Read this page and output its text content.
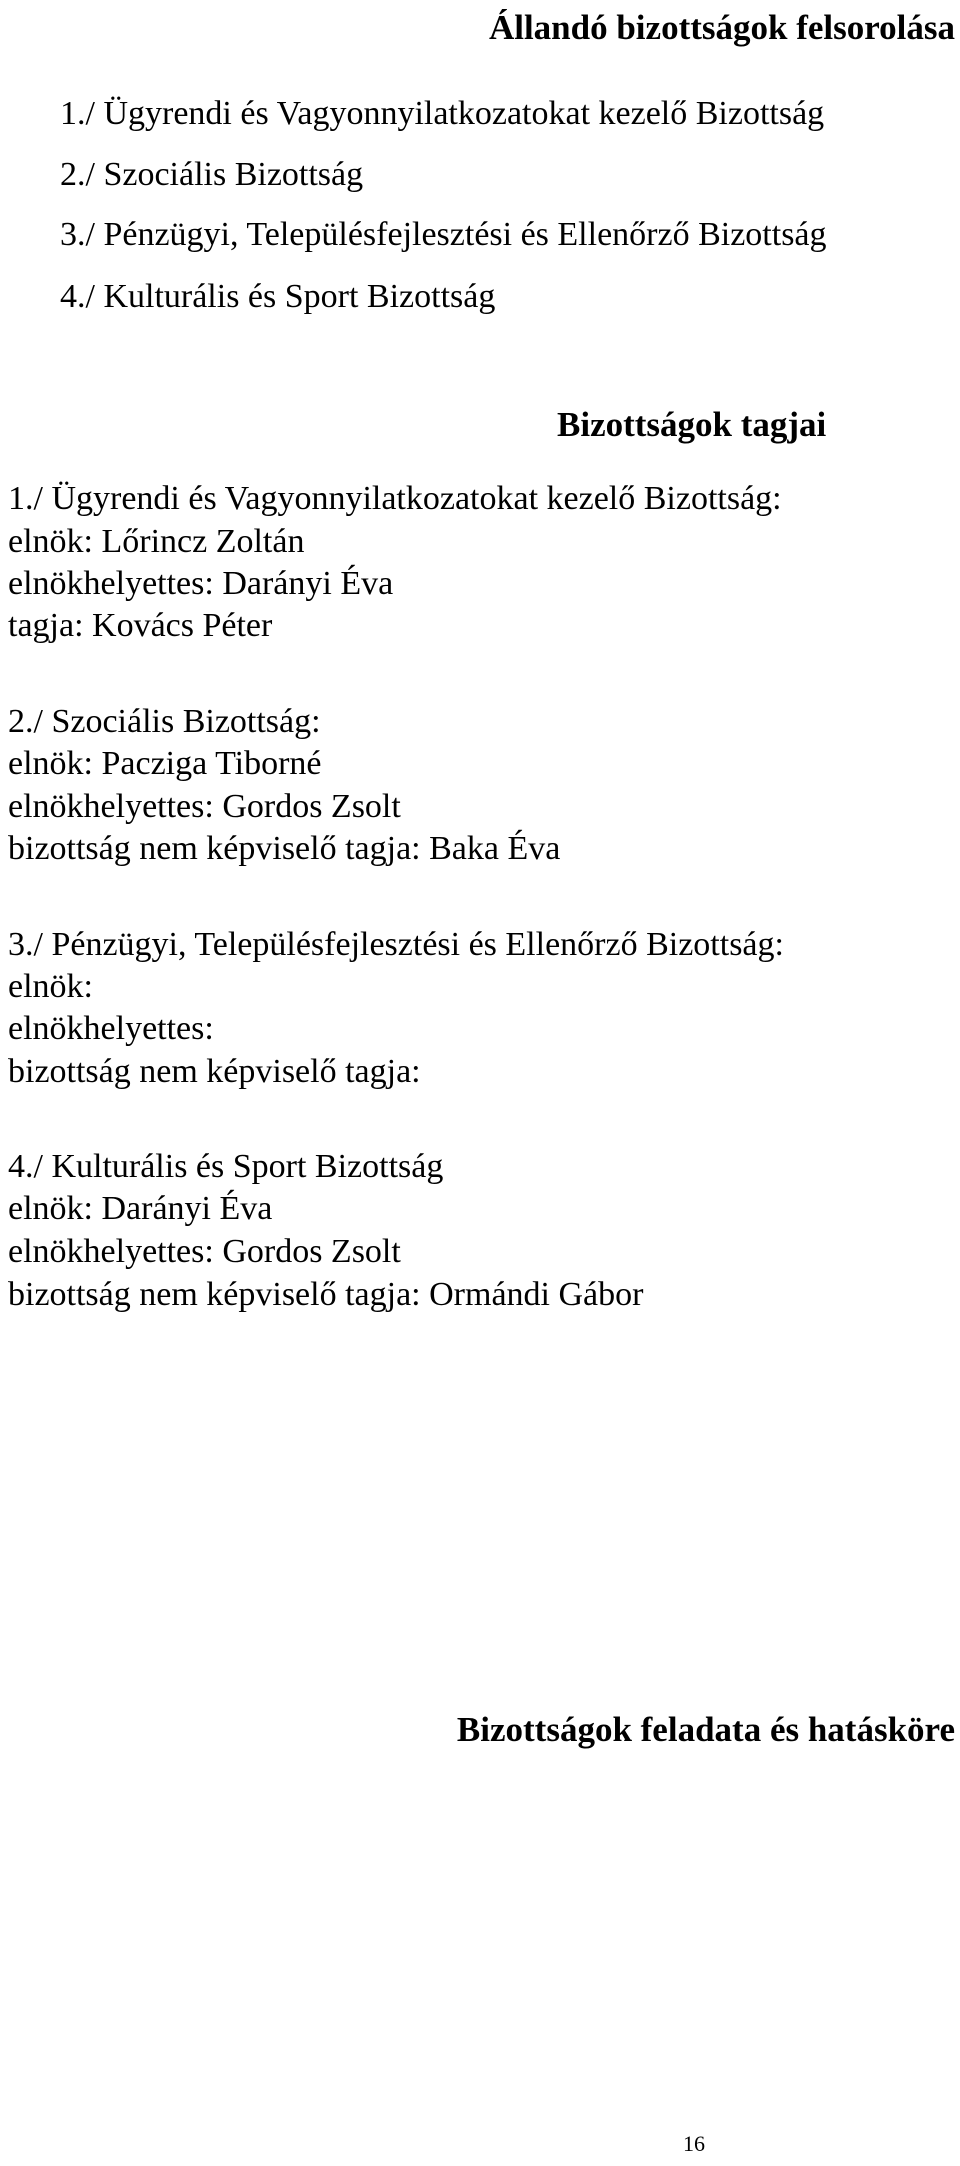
Állandó bizottságok felsorolása
1./ Ügyrendi és Vagyonnyilatkozatokat kezelő Bizottság
2./ Szociális Bizottság
3./ Pénzügyi, Településfejlesztési és Ellenőrző Bizottság
4./ Kulturális és Sport Bizottság
Bizottságok tagjai
1./ Ügyrendi és Vagyonnyilatkozatokat kezelő Bizottság:
elnök: Lőrincz Zoltán
elnökhelyettes: Darányi Éva
tagja: Kovács Péter
2./ Szociális Bizottság:
elnök: Pacziga Tiborné
elnökhelyettes: Gordos Zsolt
bizottság nem képviselő tagja: Baka Éva
3./ Pénzügyi, Településfejlesztési és Ellenőrző Bizottság:
elnök:
elnökhelyettes:
bizottság nem képviselő tagja:
4./ Kulturális és Sport Bizottság
elnök: Darányi Éva
elnökhelyettes: Gordos Zsolt
bizottság nem képviselő tagja: Ormándi Gábor
Bizottságok feladata és hatásköre
16
